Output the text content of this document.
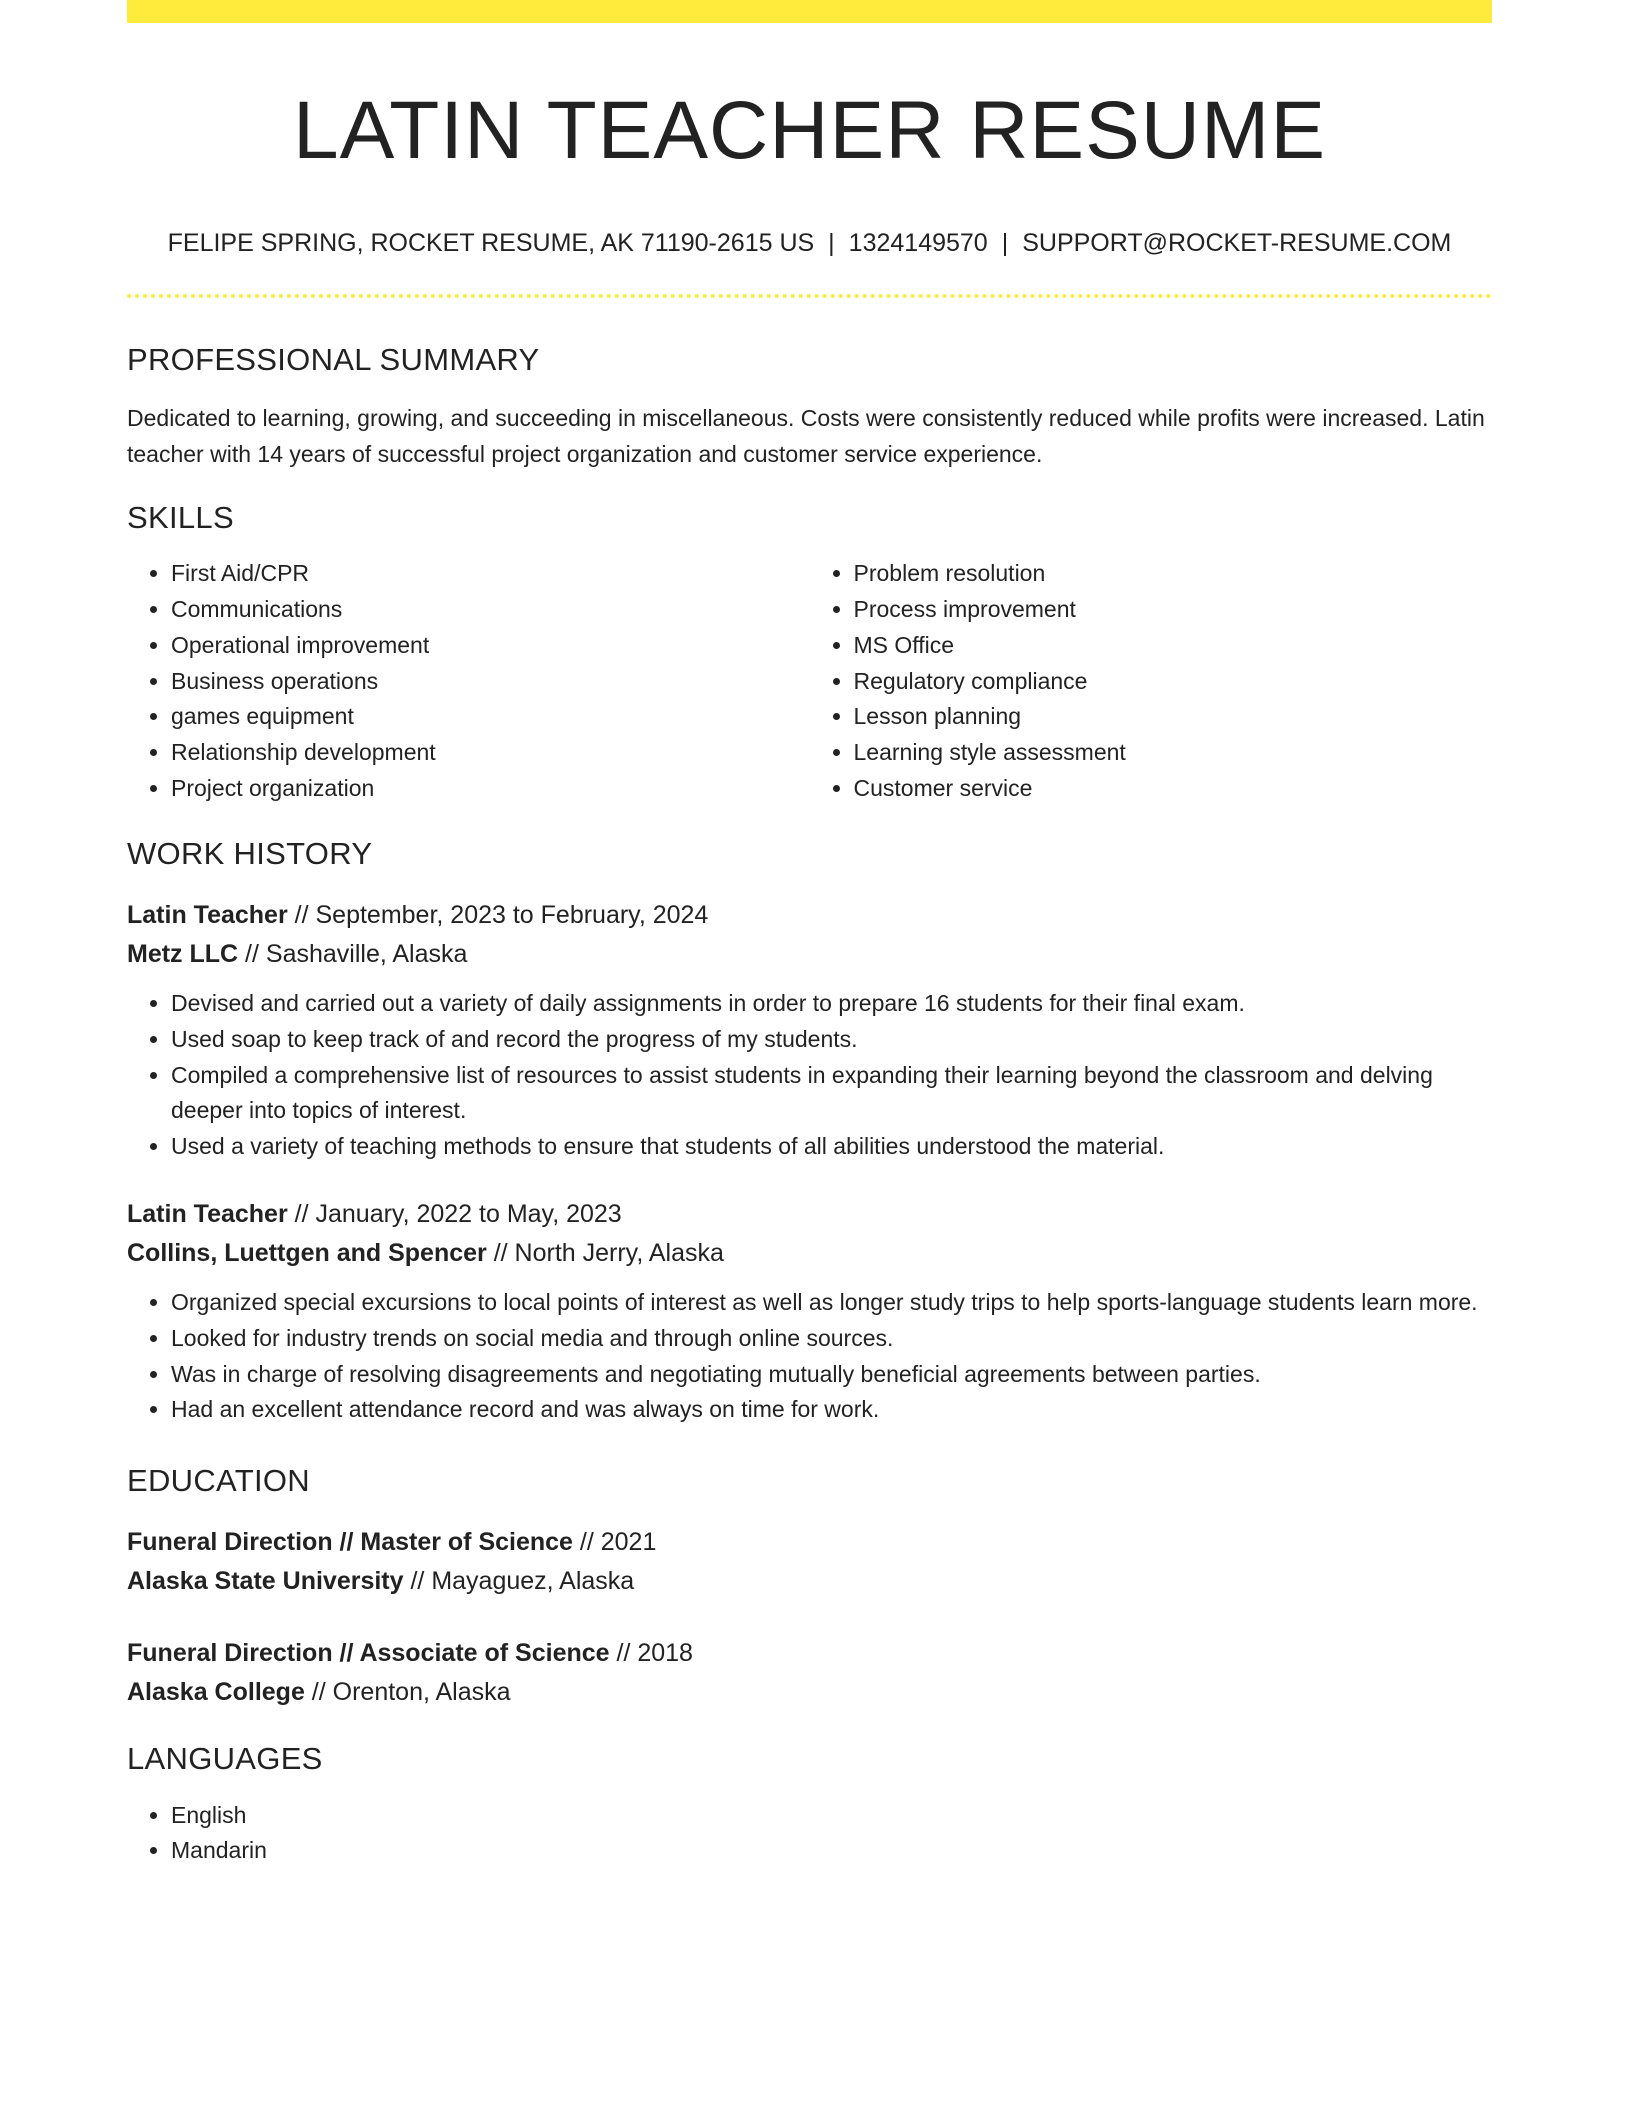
LATIN TEACHER RESUME
FELIPE SPRING, ROCKET RESUME, AK 71190-2615 US | 1324149570 | SUPPORT@ROCKET-RESUME.COM
PROFESSIONAL SUMMARY
Dedicated to learning, growing, and succeeding in miscellaneous. Costs were consistently reduced while profits were increased. Latin teacher with 14 years of successful project organization and customer service experience.
SKILLS
• First Aid/CPR
• Communications
• Operational improvement
• Business operations
• games equipment
• Relationship development
• Project organization
• Problem resolution
• Process improvement
• MS Office
• Regulatory compliance
• Lesson planning
• Learning style assessment
• Customer service
WORK HISTORY
Latin Teacher // September, 2023 to February, 2024
Metz LLC // Sashaville, Alaska
• Devised and carried out a variety of daily assignments in order to prepare 16 students for their final exam.
• Used soap to keep track of and record the progress of my students.
• Compiled a comprehensive list of resources to assist students in expanding their learning beyond the classroom and delving deeper into topics of interest.
• Used a variety of teaching methods to ensure that students of all abilities understood the material.
Latin Teacher // January, 2022 to May, 2023
Collins, Luettgen and Spencer // North Jerry, Alaska
• Organized special excursions to local points of interest as well as longer study trips to help sports-language students learn more.
• Looked for industry trends on social media and through online sources.
• Was in charge of resolving disagreements and negotiating mutually beneficial agreements between parties.
• Had an excellent attendance record and was always on time for work.
EDUCATION
Funeral Direction // Master of Science // 2021
Alaska State University // Mayaguez, Alaska
Funeral Direction // Associate of Science // 2018
Alaska College // Orenton, Alaska
LANGUAGES
• English
• Mandarin
